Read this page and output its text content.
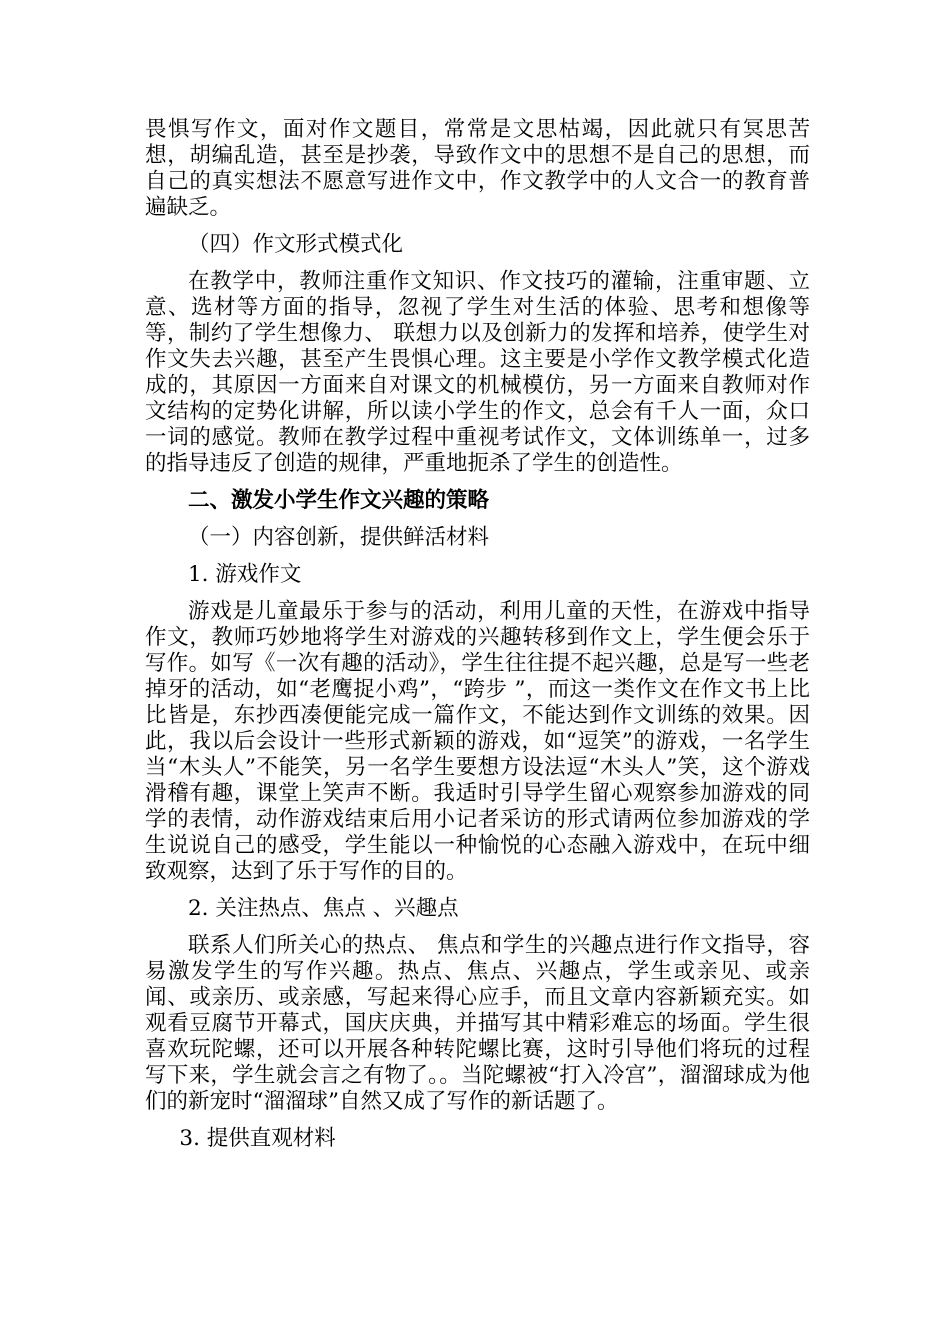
畏惧写作文，面对作文题目，常常是文思枯竭，因此就只有冥思苦想，胡编乱造，甚至是抄袭，导致作文中的思想不是自己的思想，而自己的真实想法不愿意写进作文中，作文教学中的人文合一的教育普遍缺乏。

（四）作文形式模式化

在教学中，教师注重作文知识、作文技巧的灌输，注重审题、立意、选材等方面的指导，忽视了学生对生活的体验、思考和想像等等，制约了学生想像力、 联想力以及创新力的发挥和培养，使学生对作文失去兴趣，甚至产生畏惧心理。这主要是小学作文教学模式化造成的，其原因一方面来自对课文的机械模仿，另一方面来自教师对作文结构的定势化讲解，所以读小学生的作文，总会有千人一面，众口一词的感觉。教师在教学过程中重视考试作文，文体训练单一，过多的指导违反了创造的规律，严重地扼杀了学生的创造性。

二、激发小学生作文兴趣的策略

（一）内容创新，提供鲜活材料

1. 游戏作文

游戏是儿童最乐于参与的活动，利用儿童的天性，在游戏中指导作文，教师巧妙地将学生对游戏的兴趣转移到作文上，学生便会乐于写作。如写《一次有趣的活动》，学生往往提不起兴趣，总是写一些老掉牙的活动，如“老鹰捉小鸡”，“跨步 ”，而这一类作文在作文书上比比皆是，东抄西凑便能完成一篇作文，不能达到作文训练的效果。因此，我以后会设计一些形式新颖的游戏，如“逗笑”的游戏，一名学生当“木头人”不能笑，另一名学生要想方设法逗“木头人”笑，这个游戏滑稽有趣，课堂上笑声不断。我适时引导学生留心观察参加游戏的同学的表情，动作游戏结束后用小记者采访的形式请两位参加游戏的学生说说自己的感受，学生能以一种愉悦的心态融入游戏中，在玩中细致观察，达到了乐于写作的目的。

2. 关注热点、焦点 、兴趣点

联系人们所关心的热点、 焦点和学生的兴趣点进行作文指导，容易激发学生的写作兴趣。热点、焦点、兴趣点，学生或亲见、或亲闻、或亲历、或亲感，写起来得心应手，而且文章内容新颖充实。如观看豆腐节开幕式，国庆庆典，并描写其中精彩难忘的场面。学生很喜欢玩陀螺，还可以开展各种转陀螺比赛，这时引导他们将玩的过程写下来，学生就会言之有物了。。当陀螺被“打入冷宫”，溜溜球成为他们的新宠时“溜溜球”自然又成了写作的新话题了。

3. 提供直观材料
